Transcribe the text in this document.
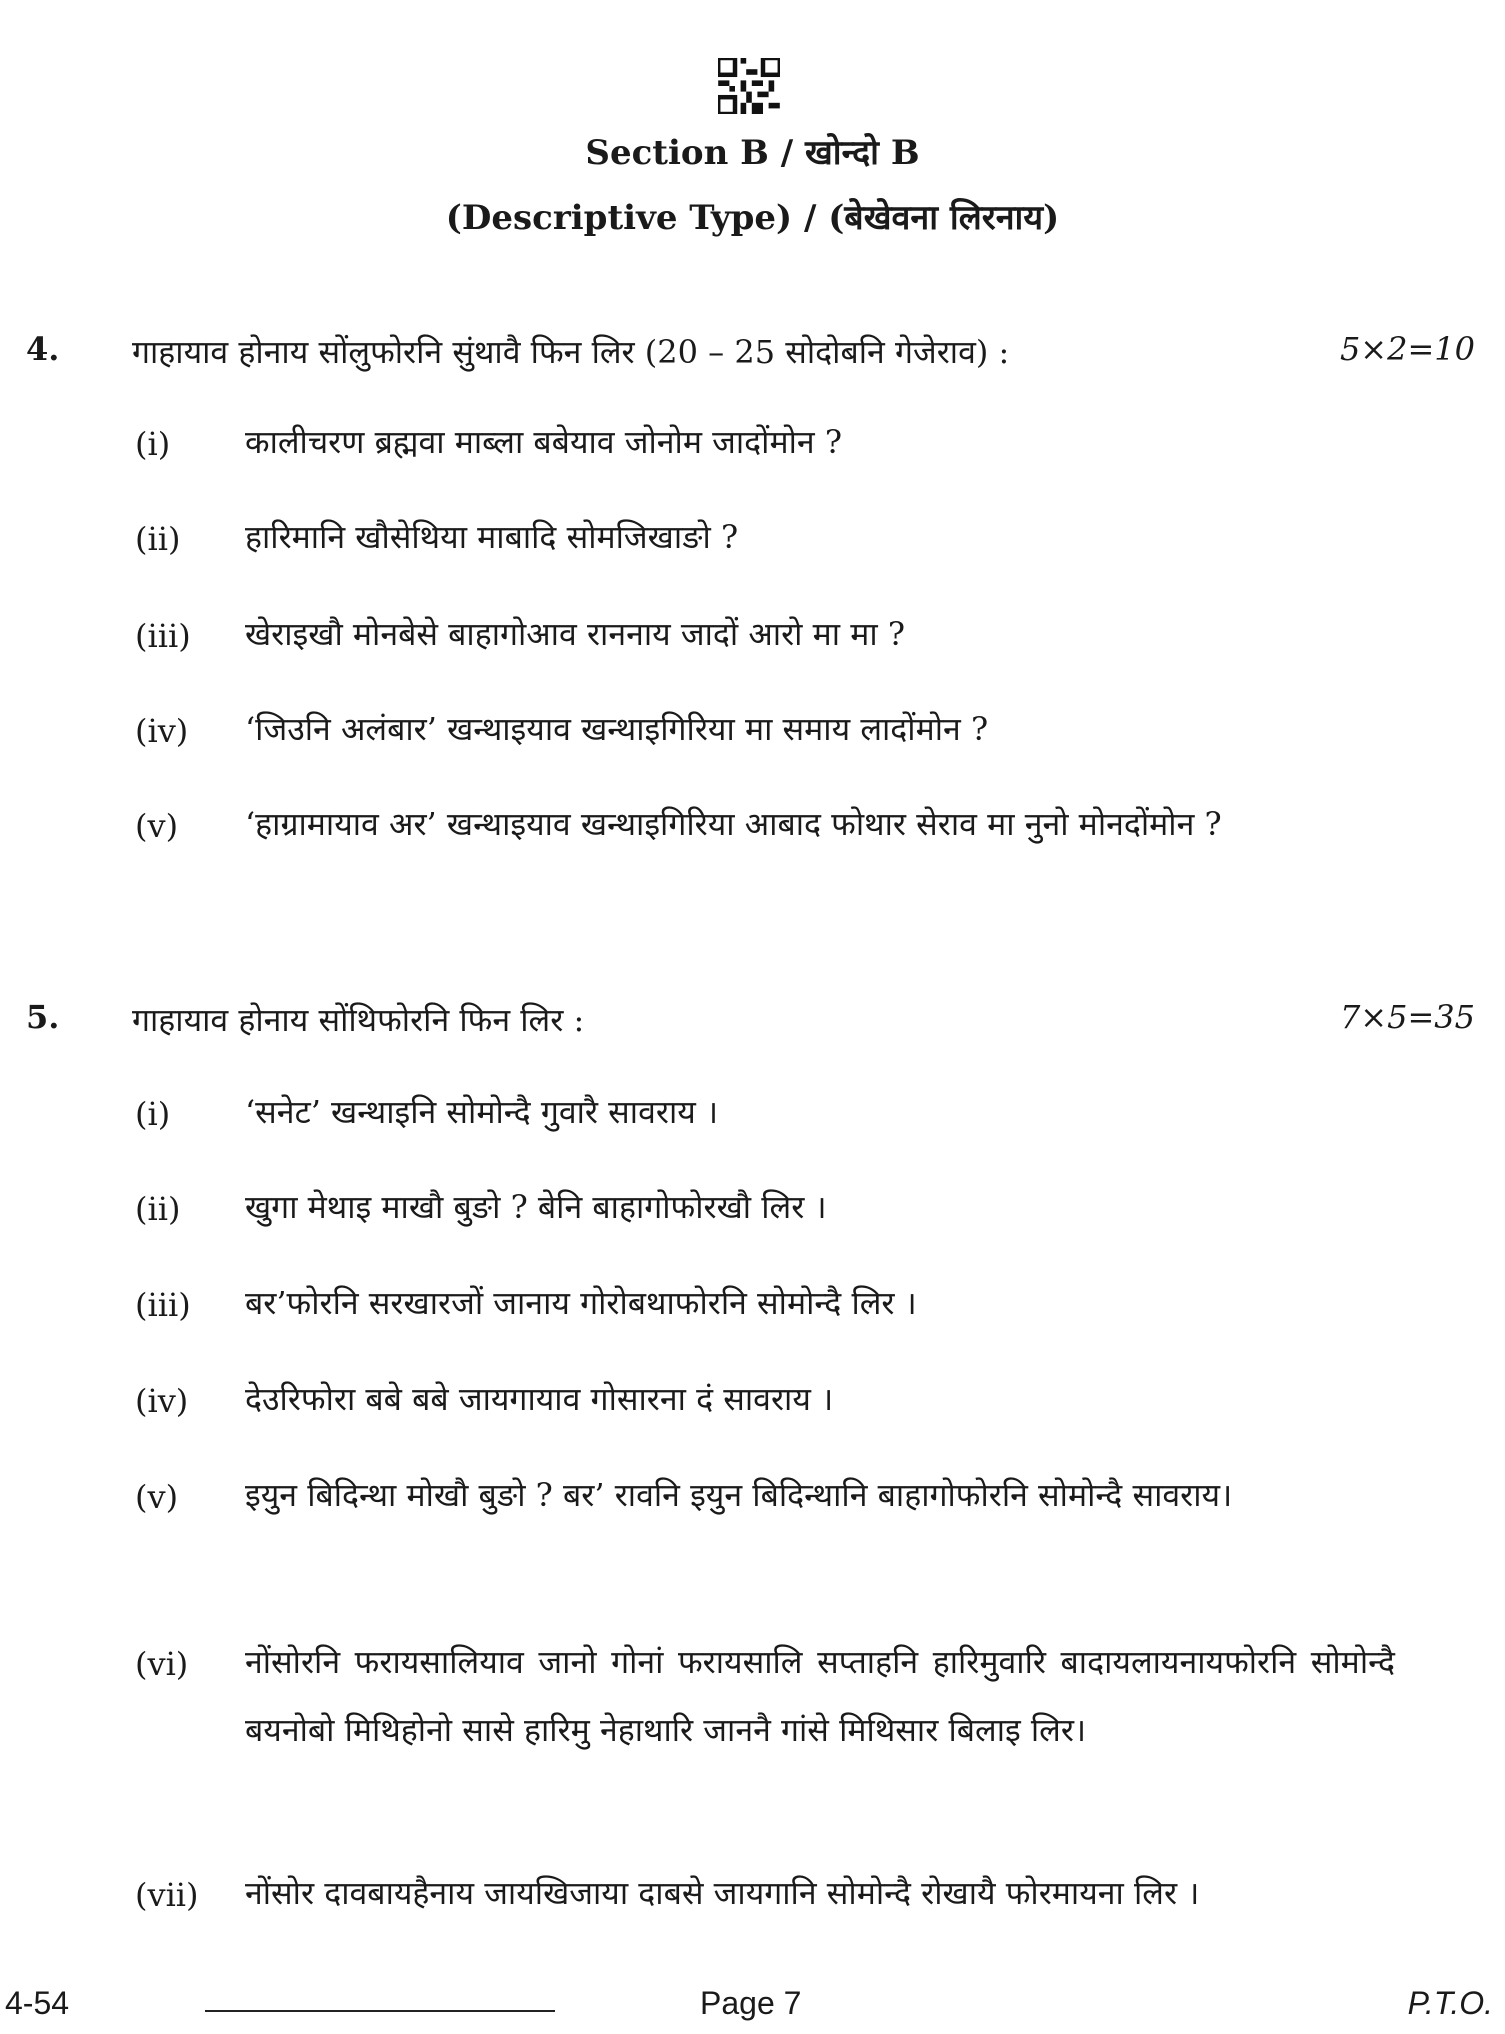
Section B / खोन्दो B
(Descriptive Type) / (बेखेवना लिरनाय)
4. गाहायाव होनाय सोंलुफोरनि सुंथावै फिन लिर (20 – 25 सोदोबनि गेजेराव) :	5×2=10
(i) कालीचरण ब्रह्मवा माब्ला बबेयाव जोनोम जादोंमोन ?
(ii) हारिमानि खौसेथिया माबादि सोमजिखाङो ?
(iii) खेराइखौ मोनबेसे बाहागोआव राननाय जादों आरो मा मा ?
(iv) ‘जिउनि अलंबार’ खन्थाइयाव खन्थाइगिरिया मा समाय लादोंमोन ?
(v) ‘हाग्रामायाव अर’ खन्थाइयाव खन्थाइगिरिया आबाद फोथार सेराव मा नुनो मोनदोंमोन ?
5. गाहायाव होनाय सोंथिफोरनि फिन लिर :	7×5=35
(i) ‘सनेट’ खन्थाइनि सोमोन्दै गुवारै सावराय ।
(ii) खुगा मेथाइ माखौ बुङो ? बेनि बाहागोफोरखौ लिर ।
(iii) बर’फोरनि सरखारजों जानाय गोरोबथाफोरनि सोमोन्दै लिर ।
(iv) देउरिफोरा बबे बबे जायगायाव गोसारना दं सावराय ।
(v) इयुन बिदिन्था मोखौ बुङो ? बर’ रावनि इयुन बिदिन्थानि बाहागोफोरनि सोमोन्दै सावराय।
(vi) नोंसोरनि फरायसालियाव जानो गोनां फरायसालि सप्ताहनि हारिमुवारि बादायलायनायफोरनि सोमोन्दै बयनोबो मिथिहोनो सासे हारिमु नेहाथारि जाननै गांसे मिथिसार बिलाइ लिर।
(vii) नोंसोर दावबायहैनाय जायखिजाया दाबसे जायगानि सोमोन्दै रोखायै फोरमायना लिर ।
4-54	Page 7	P.T.O.
